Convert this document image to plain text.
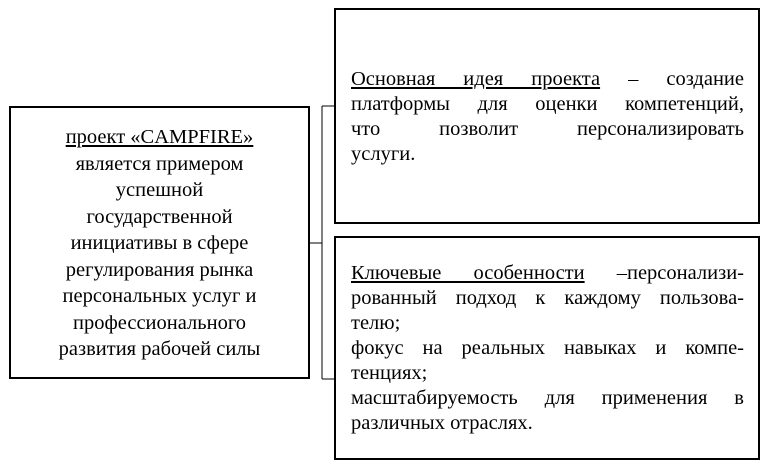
проект «CAMPFIRE»
является примером
успешной
государственной
инициативы в сфере
регулирования рынка
персональных услуг и
профессионального
развития рабочей силы
Основная идея проекта – создание
платформы для оценки компетенций,
что позволит персонализировать
услуги.
Ключевые особенности –персонализи-
рованный подход к каждому пользова-
телю;
фокус на реальных навыках и компе-
тенциях;
масштабируемость для применения в
различных отраслях.
